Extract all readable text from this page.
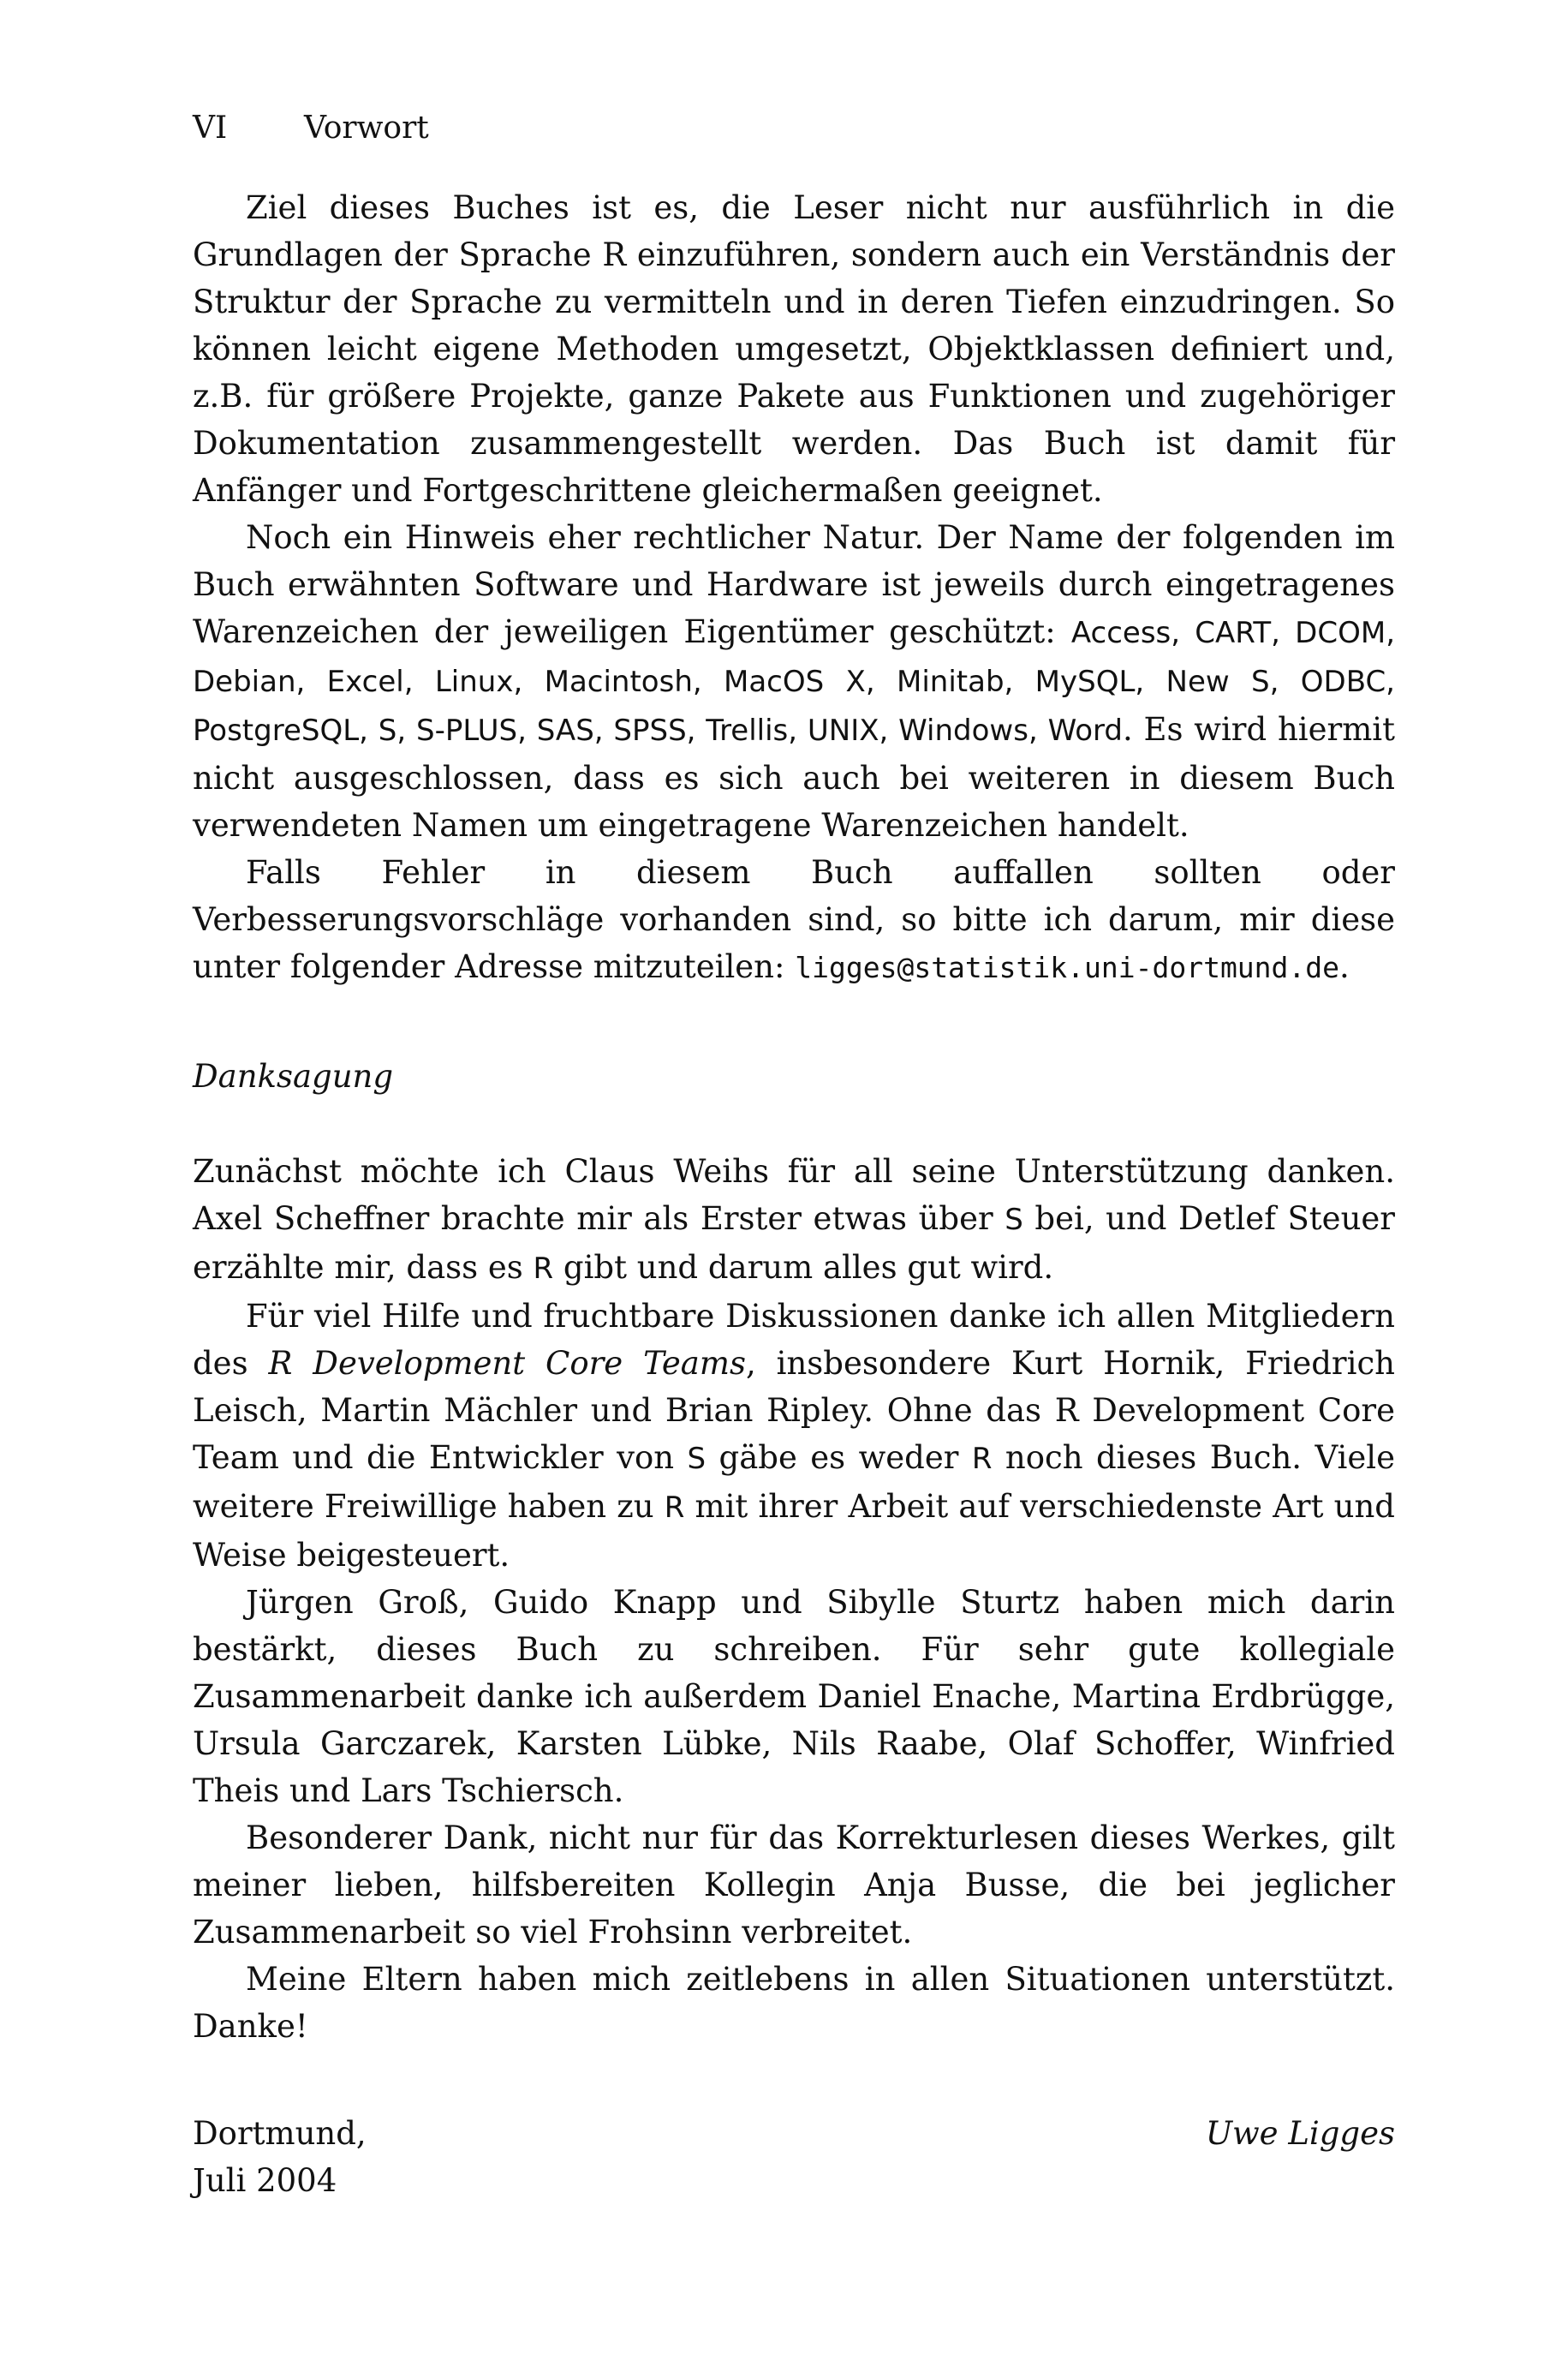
VI	Vorwort

Ziel dieses Buches ist es, die Leser nicht nur ausführlich in die Grundlagen der Sprache R einzuführen, sondern auch ein Verständnis der Struktur der Sprache zu vermitteln und in deren Tiefen einzudringen. So können leicht eigene Methoden umgesetzt, Objektklassen definiert und, z.B. für größere Projekte, ganze Pakete aus Funktionen und zugehöriger Dokumentation zusammengestellt werden. Das Buch ist damit für Anfänger und Fortgeschrittene gleichermaßen geeignet.

Noch ein Hinweis eher rechtlicher Natur. Der Name der folgenden im Buch erwähnten Software und Hardware ist jeweils durch eingetragenes Warenzeichen der jeweiligen Eigentümer geschützt: Access, CART, DCOM, Debian, Excel, Linux, Macintosh, MacOS X, Minitab, MySQL, New S, ODBC, PostgreSQL, S, S-PLUS, SAS, SPSS, Trellis, UNIX, Windows, Word. Es wird hiermit nicht ausgeschlossen, dass es sich auch bei weiteren in diesem Buch verwendeten Namen um eingetragene Warenzeichen handelt.

Falls Fehler in diesem Buch auffallen sollten oder Verbesserungsvorschläge vorhanden sind, so bitte ich darum, mir diese unter folgender Adresse mitzuteilen: ligges@statistik.uni-dortmund.de.

Danksagung

Zunächst möchte ich Claus Weihs für all seine Unterstützung danken. Axel Scheffner brachte mir als Erster etwas über S bei, und Detlef Steuer erzählte mir, dass es R gibt und darum alles gut wird.

Für viel Hilfe und fruchtbare Diskussionen danke ich allen Mitgliedern des R Development Core Teams, insbesondere Kurt Hornik, Friedrich Leisch, Martin Mächler und Brian Ripley. Ohne das R Development Core Team und die Entwickler von S gäbe es weder R noch dieses Buch. Viele weitere Freiwillige haben zu R mit ihrer Arbeit auf verschiedenste Art und Weise beigesteuert.

Jürgen Groß, Guido Knapp und Sibylle Sturtz haben mich darin bestärkt, dieses Buch zu schreiben. Für sehr gute kollegiale Zusammenarbeit danke ich außerdem Daniel Enache, Martina Erdbrügge, Ursula Garczarek, Karsten Lübke, Nils Raabe, Olaf Schoffer, Winfried Theis und Lars Tschiersch.

Besonderer Dank, nicht nur für das Korrekturlesen dieses Werkes, gilt meiner lieben, hilfsbereiten Kollegin Anja Busse, die bei jeglicher Zusammenarbeit so viel Frohsinn verbreitet.

Meine Eltern haben mich zeitlebens in allen Situationen unterstützt. Danke!

Dortmund,
Juli 2004
Uwe Ligges
